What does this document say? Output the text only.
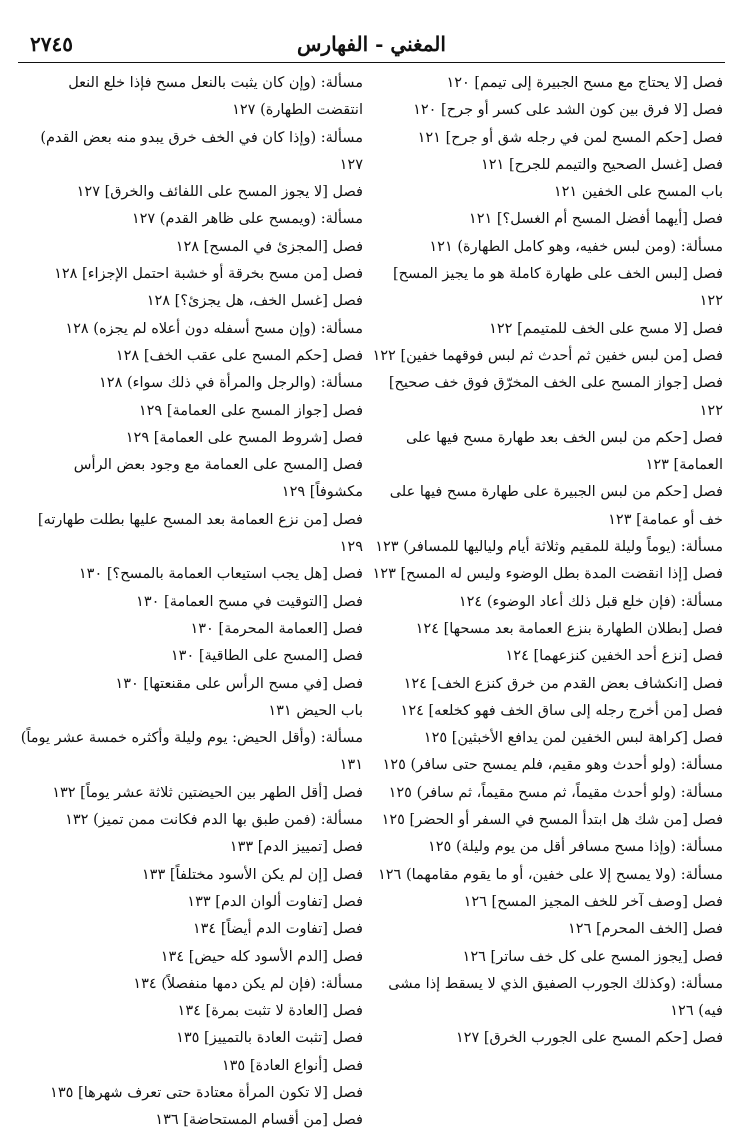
٢٧٤٥	المغني - الفهارس
فصل [لا يحتاج مع مسح الجبيرة إلى تيمم] ١٢٠
فصل [لا فرق بين كون الشد على كسر أو جرح] ١٢٠
فصل [حكم المسح لمن في رجله شق أو جرح] ١٢١
فصل [غسل الصحيح والتيمم للجرح] ١٢١
باب المسح على الخفين ١٢١
فصل [أيهما أفضل المسح أم الغسل؟] ١٢١
مسألة: (ومن لبس خفيه، وهو كامل الطهارة) ١٢١
فصل [لبس الخف على طهارة كاملة هو ما يجيز المسح] ١٢٢
فصل [لا مسح على الخف للمتيمم] ١٢٢
فصل [من لبس خفين ثم أحدث ثم لبس فوقهما خفين] ١٢٢
فصل [جواز المسح على الخف المخرّق فوق خف صحيح] ١٢٢
فصل [حكم من لبس الخف بعد طهارة مسح فيها على العمامة] ١٢٣
فصل [حكم من لبس الجبيرة على طهارة مسح فيها على خف أو عمامة] ١٢٣
مسألة: (يوماً وليلة للمقيم وثلاثة أيام ولياليها للمسافر) ١٢٣
فصل [إذا انقضت المدة بطل الوضوء وليس له المسح] ١٢٣
مسألة: (فإن خلع قبل ذلك أعاد الوضوء) ١٢٤
فصل [بطلان الطهارة بنزع العمامة بعد مسحها] ١٢٤
فصل [نزع أحد الخفين كنزعهما] ١٢٤
فصل [انكشاف بعض القدم من خرق كنزع الخف] ١٢٤
فصل [من أخرج رجله إلى ساق الخف فهو كخلعه] ١٢٤
فصل [كراهة لبس الخفين لمن يدافع الأخبثين] ١٢٥
مسألة: (ولو أحدث وهو مقيم، فلم يمسح حتى سافر) ١٢٥
مسألة: (ولو أحدث مقيماً، ثم مسح مقيماً، ثم سافر) ١٢٥
فصل [من شك هل ابتدأ المسح في السفر أو الحضر] ١٢٥
مسألة: (وإذا مسح مسافر أقل من يوم وليلة) ١٢٥
مسألة: (ولا يمسح إلا على خفين، أو ما يقوم مقامهما) ١٢٦
فصل [وصف آخر للخف المجيز المسح] ١٢٦
فصل [الخف المحرم] ١٢٦
فصل [يجوز المسح على كل خف ساتر] ١٢٦
مسألة: (وكذلك الجورب الصفيق الذي لا يسقط إذا مشى فيه) ١٢٦
فصل [حكم المسح على الجورب الخرق] ١٢٧
مسألة: (وإن كان يثبت بالنعل مسح فإذا خلع النعل انتقضت الطهارة) ١٢٧
مسألة: (وإذا كان في الخف خرق يبدو منه بعض القدم) ١٢٧
فصل [لا يجوز المسح على اللفائف والخرق] ١٢٧
مسألة: (ويمسح على ظاهر القدم) ١٢٧
فصل [المجزئ في المسح] ١٢٨
فصل [من مسح بخرقة أو خشبة احتمل الإجزاء] ١٢٨
فصل [غسل الخف، هل يجزئ؟] ١٢٨
مسألة: (وإن مسح أسفله دون أعلاه لم يجزه) ١٢٨
فصل [حكم المسح على عقب الخف] ١٢٨
مسألة: (والرجل والمرأة في ذلك سواء) ١٢٨
فصل [جواز المسح على العمامة] ١٢٩
فصل [شروط المسح على العمامة] ١٢٩
فصل [المسح على العمامة مع وجود بعض الرأس مكشوفاً] ١٢٩
فصل [من نزع العمامة بعد المسح عليها بطلت طهارته] ١٢٩
فصل [هل يجب استيعاب العمامة بالمسح؟] ١٣٠
فصل [التوقيت في مسح العمامة] ١٣٠
فصل [العمامة المحرمة] ١٣٠
فصل [المسح على الطاقية] ١٣٠
فصل [في مسح الرأس على مقنعتها] ١٣٠
باب الحيض ١٣١
مسألة: (وأقل الحيض: يوم وليلة وأكثره خمسة عشر يوماً) ١٣١
فصل [أقل الطهر بين الحيضتين ثلاثة عشر يوماً] ١٣٢
مسألة: (فمن طبق بها الدم فكانت ممن تميز) ١٣٢
فصل [تمييز الدم] ١٣٣
فصل [إن لم يكن الأسود مختلفاً] ١٣٣
فصل [تفاوت ألوان الدم] ١٣٣
فصل [تفاوت الدم أيضاً] ١٣٤
فصل [الدم الأسود كله حيض] ١٣٤
مسألة: (فإن لم يكن دمها منفصلاً) ١٣٤
فصل [العادة لا تثبت بمرة] ١٣٤
فصل [تثبت العادة بالتمييز] ١٣٥
فصل [أنواع العادة] ١٣٥
فصل [لا تكون المرأة معتادة حتى تعرف شهرها] ١٣٥
فصل [من أقسام المستحاضة] ١٣٦
